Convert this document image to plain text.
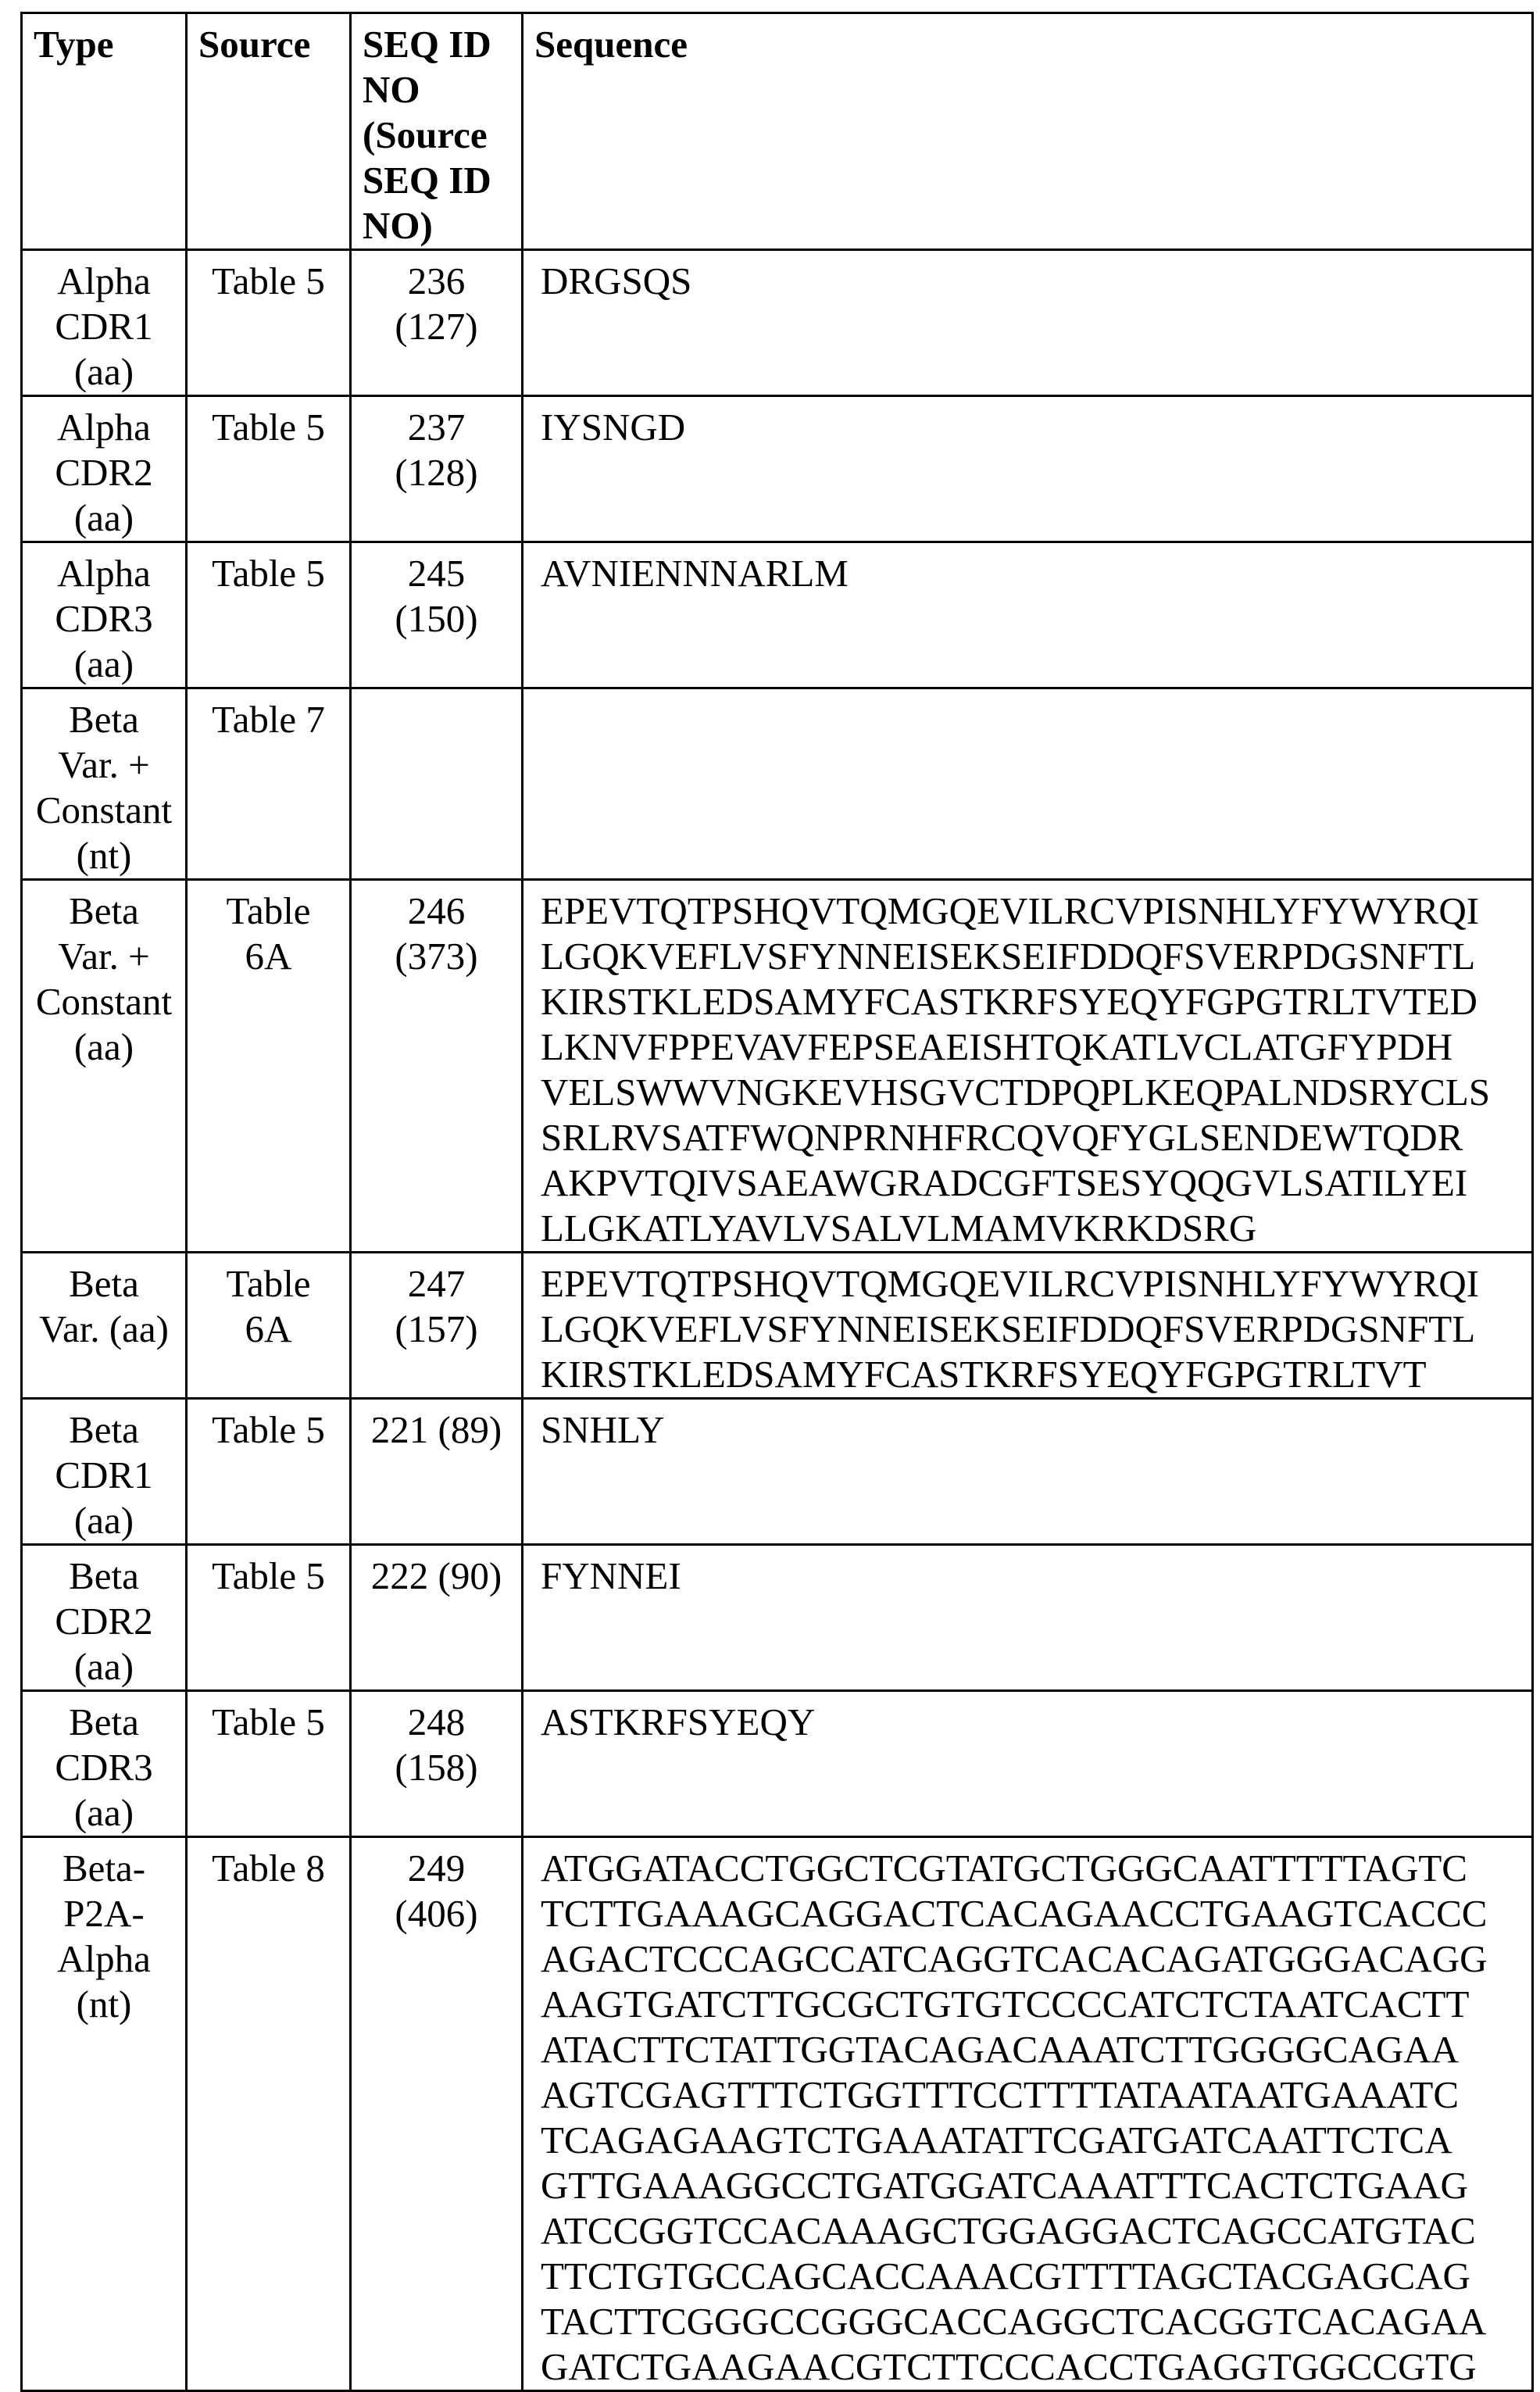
Type	Source	SEQ ID
NO
(Source
SEQ ID
NO)

Sequence

Alpha
CDR1
(aa)

Table 5	236
(127)

DRGSQS

Alpha
CDR2
(aa)

Table 5	237
(128)

IYSNGD

Alpha
CDR3
(aa)

Table 5	245
(150)

AVNIENNNARLM

Beta
Var. +
Constant
(nt)

Table 7

Beta
Var. +
Constant
(aa)

Table
6A

246
(373)

EPEVTQTPSHQVTQMGQEVILRCVPISNHLYFYWYRQI
LGQKVEFLVSFYNNEISEKSEIFDDQFSVERPDGSNFTL
KIRSTKLEDSAMYFCASTKRFSYEQYFGPGTRLTVTED
LKNVFPPEVAVFEPSEAEISHTQKATLVCLATGFYPDH
VELSWWVNGKEVHSGVCTDPQPLKEQPALNDSRYCLS
SRLRVSATFWQNPRNHFRCQVQFYGLSENDEWTQDR
AKPVTQIVSAEAWGRADCGFTSESYQQGVLSATILYEI
LLGKATLYAVLVSALVLMAMVKRKDSRG

Beta
Var. (aa)

Table
6A

247
(157)

EPEVTQTPSHQVTQMGQEVILRCVPISNHLYFYWYRQI
LGQKVEFLVSFYNNEISEKSEIFDDQFSVERPDGSNFTL
KIRSTKLEDSAMYFCASTKRFSYEQYFGPGTRLTVT

Beta
CDR1
(aa)

Table 5	221 (89)	SNHLY

Beta
CDR2
(aa)

Table 5	222 (90)	FYNNEI

Beta
CDR3
(aa)

Table 5	248
(158)

ASTKRFSYEQY

Beta-
P2A-
Alpha
(nt)

Table 8	249
(406)

ATGGATACCTGGCTCGTATGCTGGGCAATTTTTAGTC
TCTTGAAAGCAGGACTCACAGAACCTGAAGTCACCC
AGACTCCCAGCCATCAGGTCACACAGATGGGACAGG
AAGTGATCTTGCGCTGTGTCCCCATCTCTAATCACTT
ATACTTCTATTGGTACAGACAAATCTTGGGGCAGAA
AGTCGAGTTTCTGGTTTCCTTTTATAATAATGAAATC
TCAGAGAAGTCTGAAATATTCGATGATCAATTCTCA
GTTGAAAGGCCTGATGGATCAAATTTCACTCTGAAG
ATCCGGTCCACAAAGCTGGAGGACTCAGCCATGTAC
TTCTGTGCCAGCACCAAACGTTTTAGCTACGAGCAG
TACTTCGGGCCGGGCACCAGGCTCACGGTCACAGAA
GATCTGAAGAACGTCTTCCCACCTGAGGTGGCCGTG
